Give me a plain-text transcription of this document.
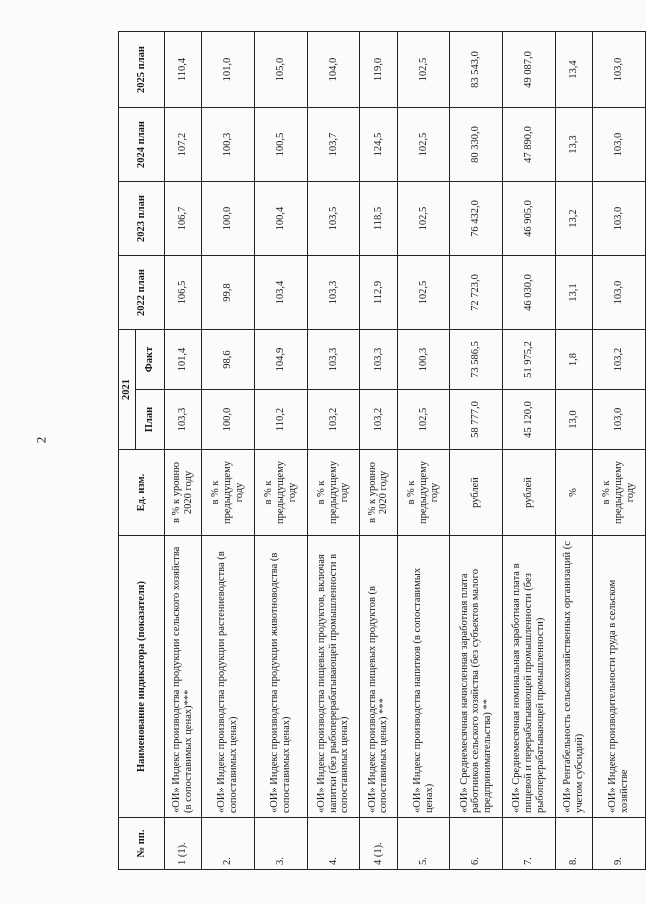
2
№ пп.	Наименование индикатора (показателя)	Ед. изм.	2021		2022 план	2023 план	2024 план	2025 план
			План	Факт				
1 (1).	«ОИ» Индекс производства продукции сельского хозяйства (в сопоставимых ценах)***	в % к уровню 2020 году	103,3	101,4	106,5	106,7	107,2	110,4
2.	«ОИ» Индекс производства продукции растениеводства (в сопоставимых ценах)	в % к предыдущему году	100,0	98,6	99,8	100,0	100,3	101,0
3.	«ОИ» Индекс производства продукции животноводства (в сопоставимых ценах)	в % к предыдущему году	110,2	104,9	103,4	100,4	100,5	105,0
4.	«ОИ» Индекс производства пищевых продуктов, включая напитки (без рыбоперерабатывающей промышленности в сопоставимых ценах)	в % к предыдущему году	103,2	103,3	103,3	103,5	103,7	104,0
4 (1).	«ОИ» Индекс производства пищевых продуктов (в сопоставимых ценах) ***	в % к уровню 2020 году	103,2	103,3	112,9	118,5	124,5	119,0
5.	«ОИ» Индекс производства напитков (в сопоставимых ценах)	в % к предыдущему году	102,5	100,3	102,5	102,5	102,5	102,5
6.	«ОИ» Среднемесячная начисленная заработная плата работников сельского хозяйства (без субъектов малого предпринимательства) **	рублей	58 777,0	73 586,5	72 723,0	76 432,0	80 330,0	83 543,0
7.	«ОИ» Среднемесячная номинальная заработная плата в пищевой и перерабатывающей промышленности (без рыбоперерабатывающей промышленности)	рублей	45 120,0	51 975,2	46 030,0	46 905,0	47 890,0	49 087,0
8.	«ОИ» Рентабельность сельскохозяйственных организаций (с учетом субсидий)	%	13,0	1,8	13,1	13,2	13,3	13,4
9.	«ОИ» Индекс производительности труда в сельском хозяйстве	в % к предыдущему году	103,0	103,2	103,0	103,0	103,0	103,0
